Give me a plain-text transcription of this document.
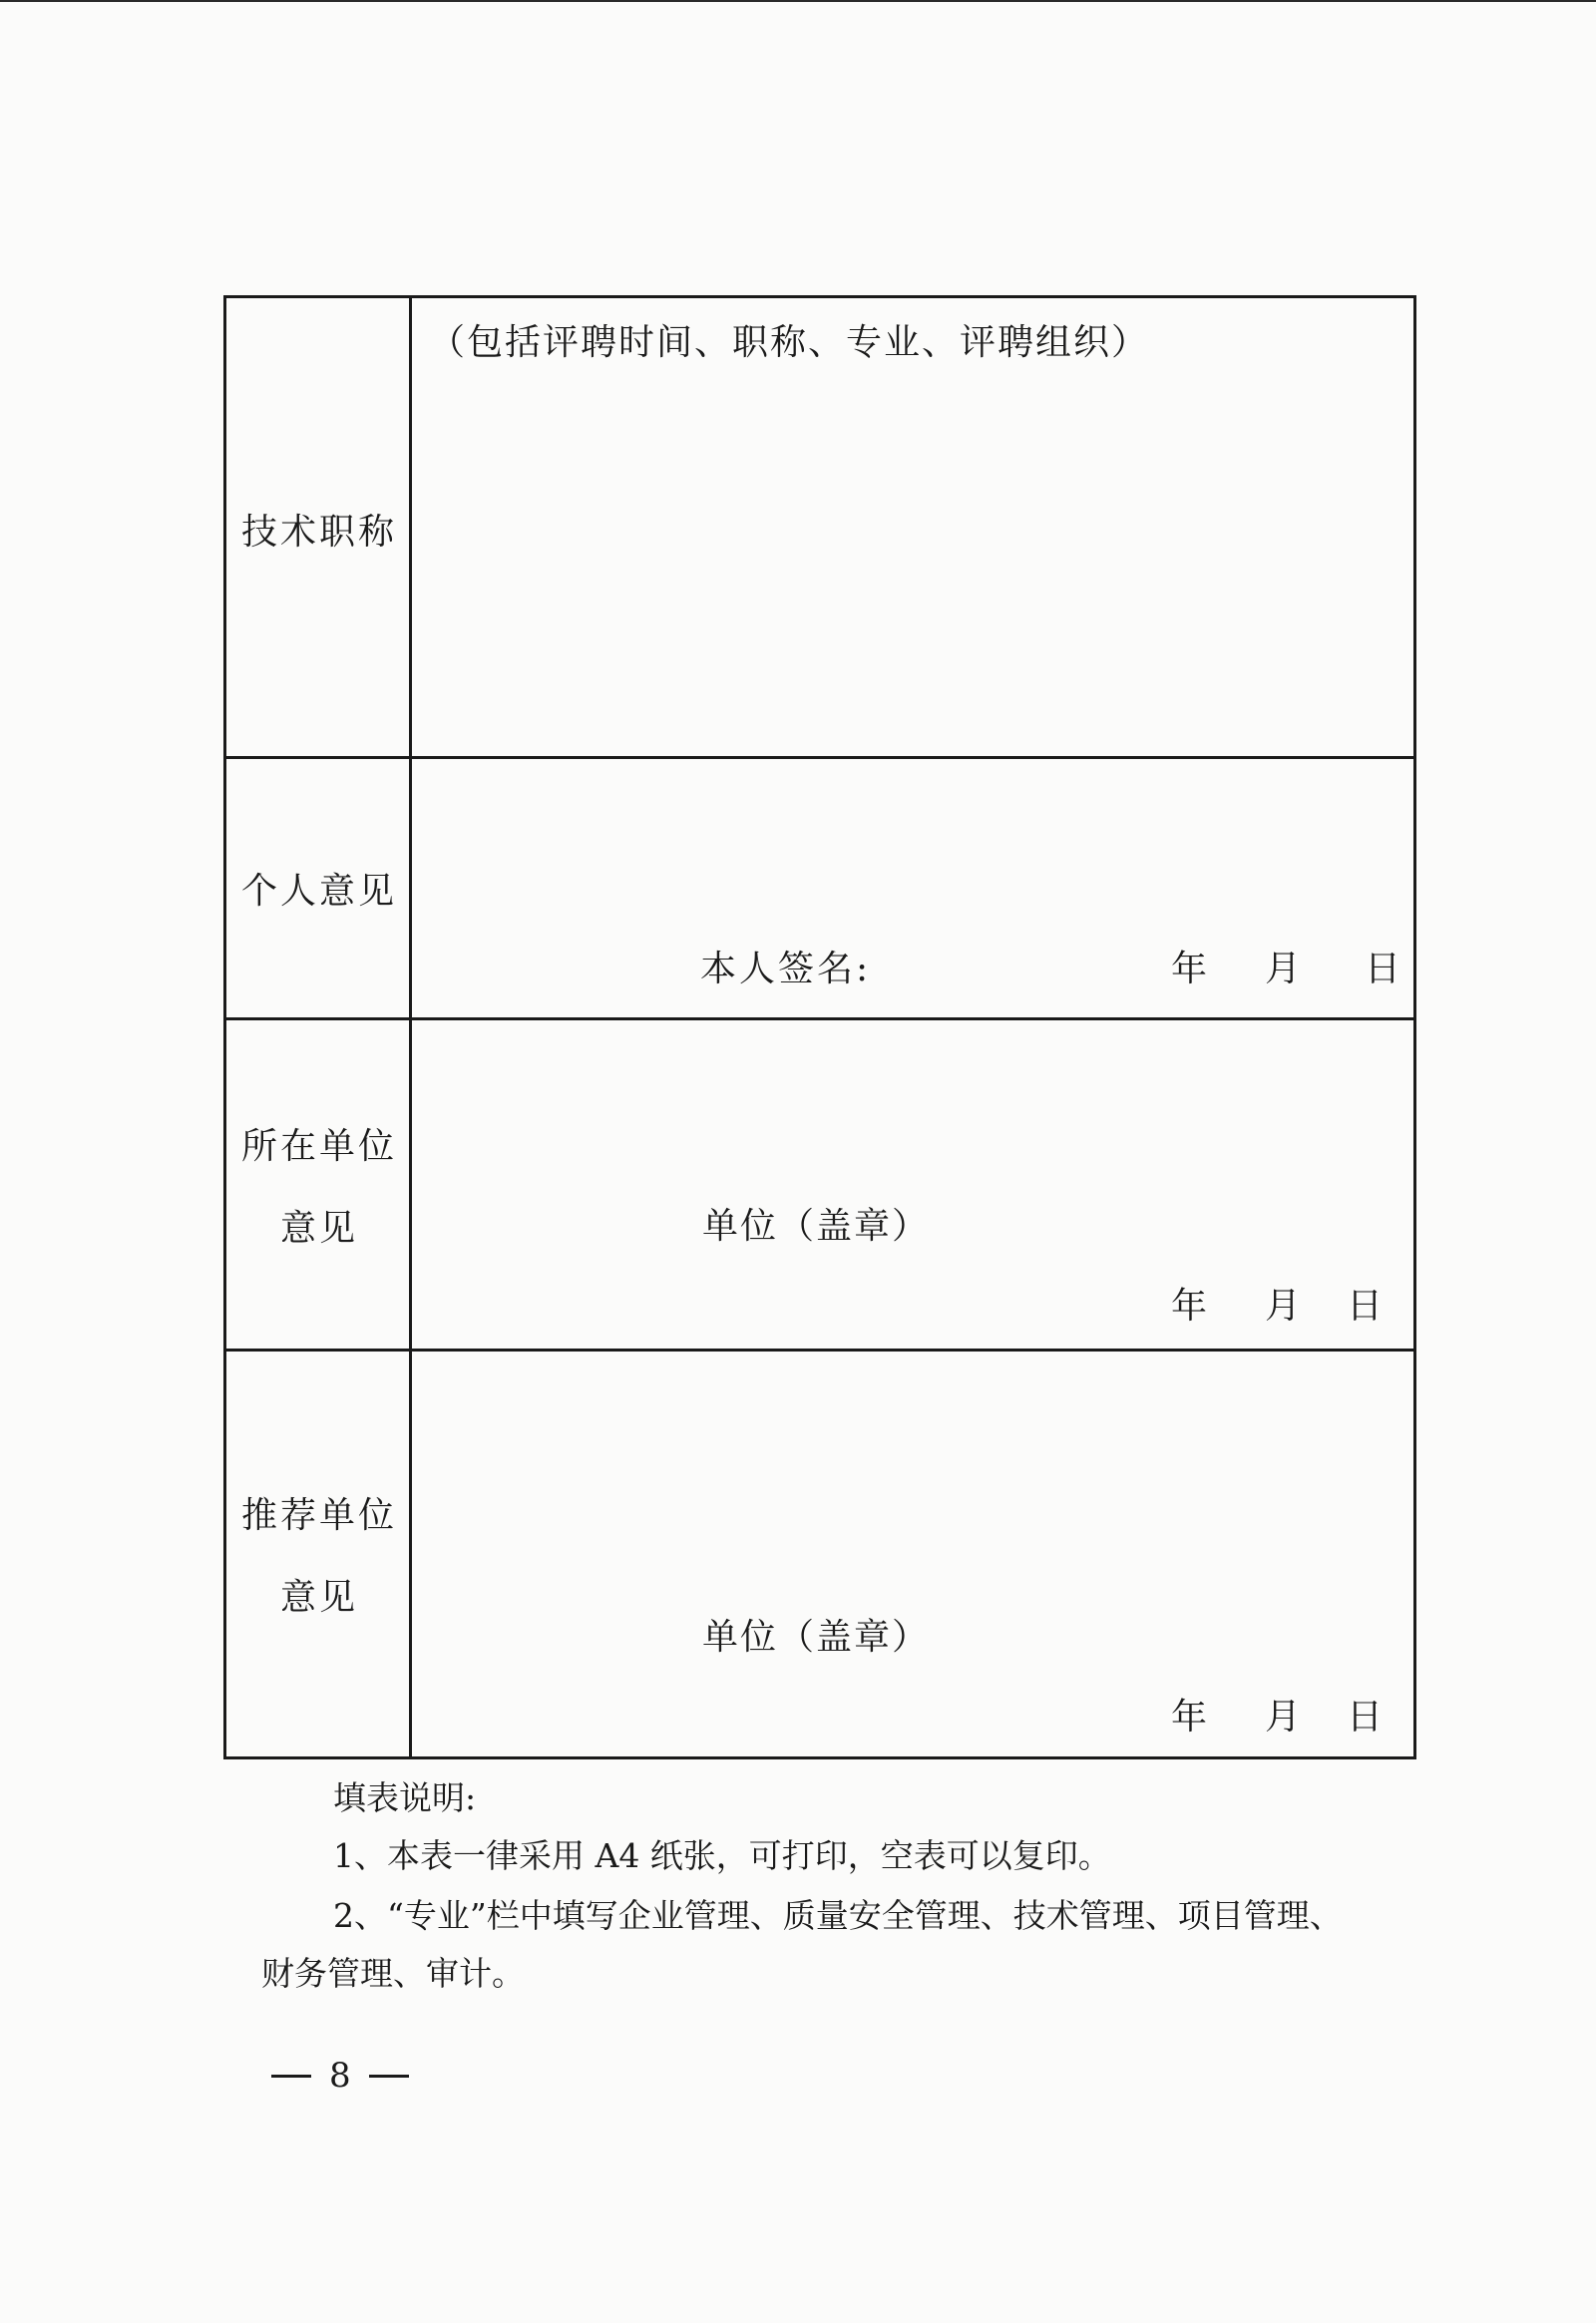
技术职称
（包括评聘时间、职称、专业、评聘组织）
个人意见
本人签名:	年 月 日
所在单位
意见	单位（盖章）
年 月 日
推荐单位
意见
单位（盖章）
年 月 日
填表说明:
1、本表一律采用 A4 纸张，可打印，空表可以复印。
2、“专业”栏中填写企业管理、质量安全管理、技术管理、项目管理、
财务管理、审计。
8
